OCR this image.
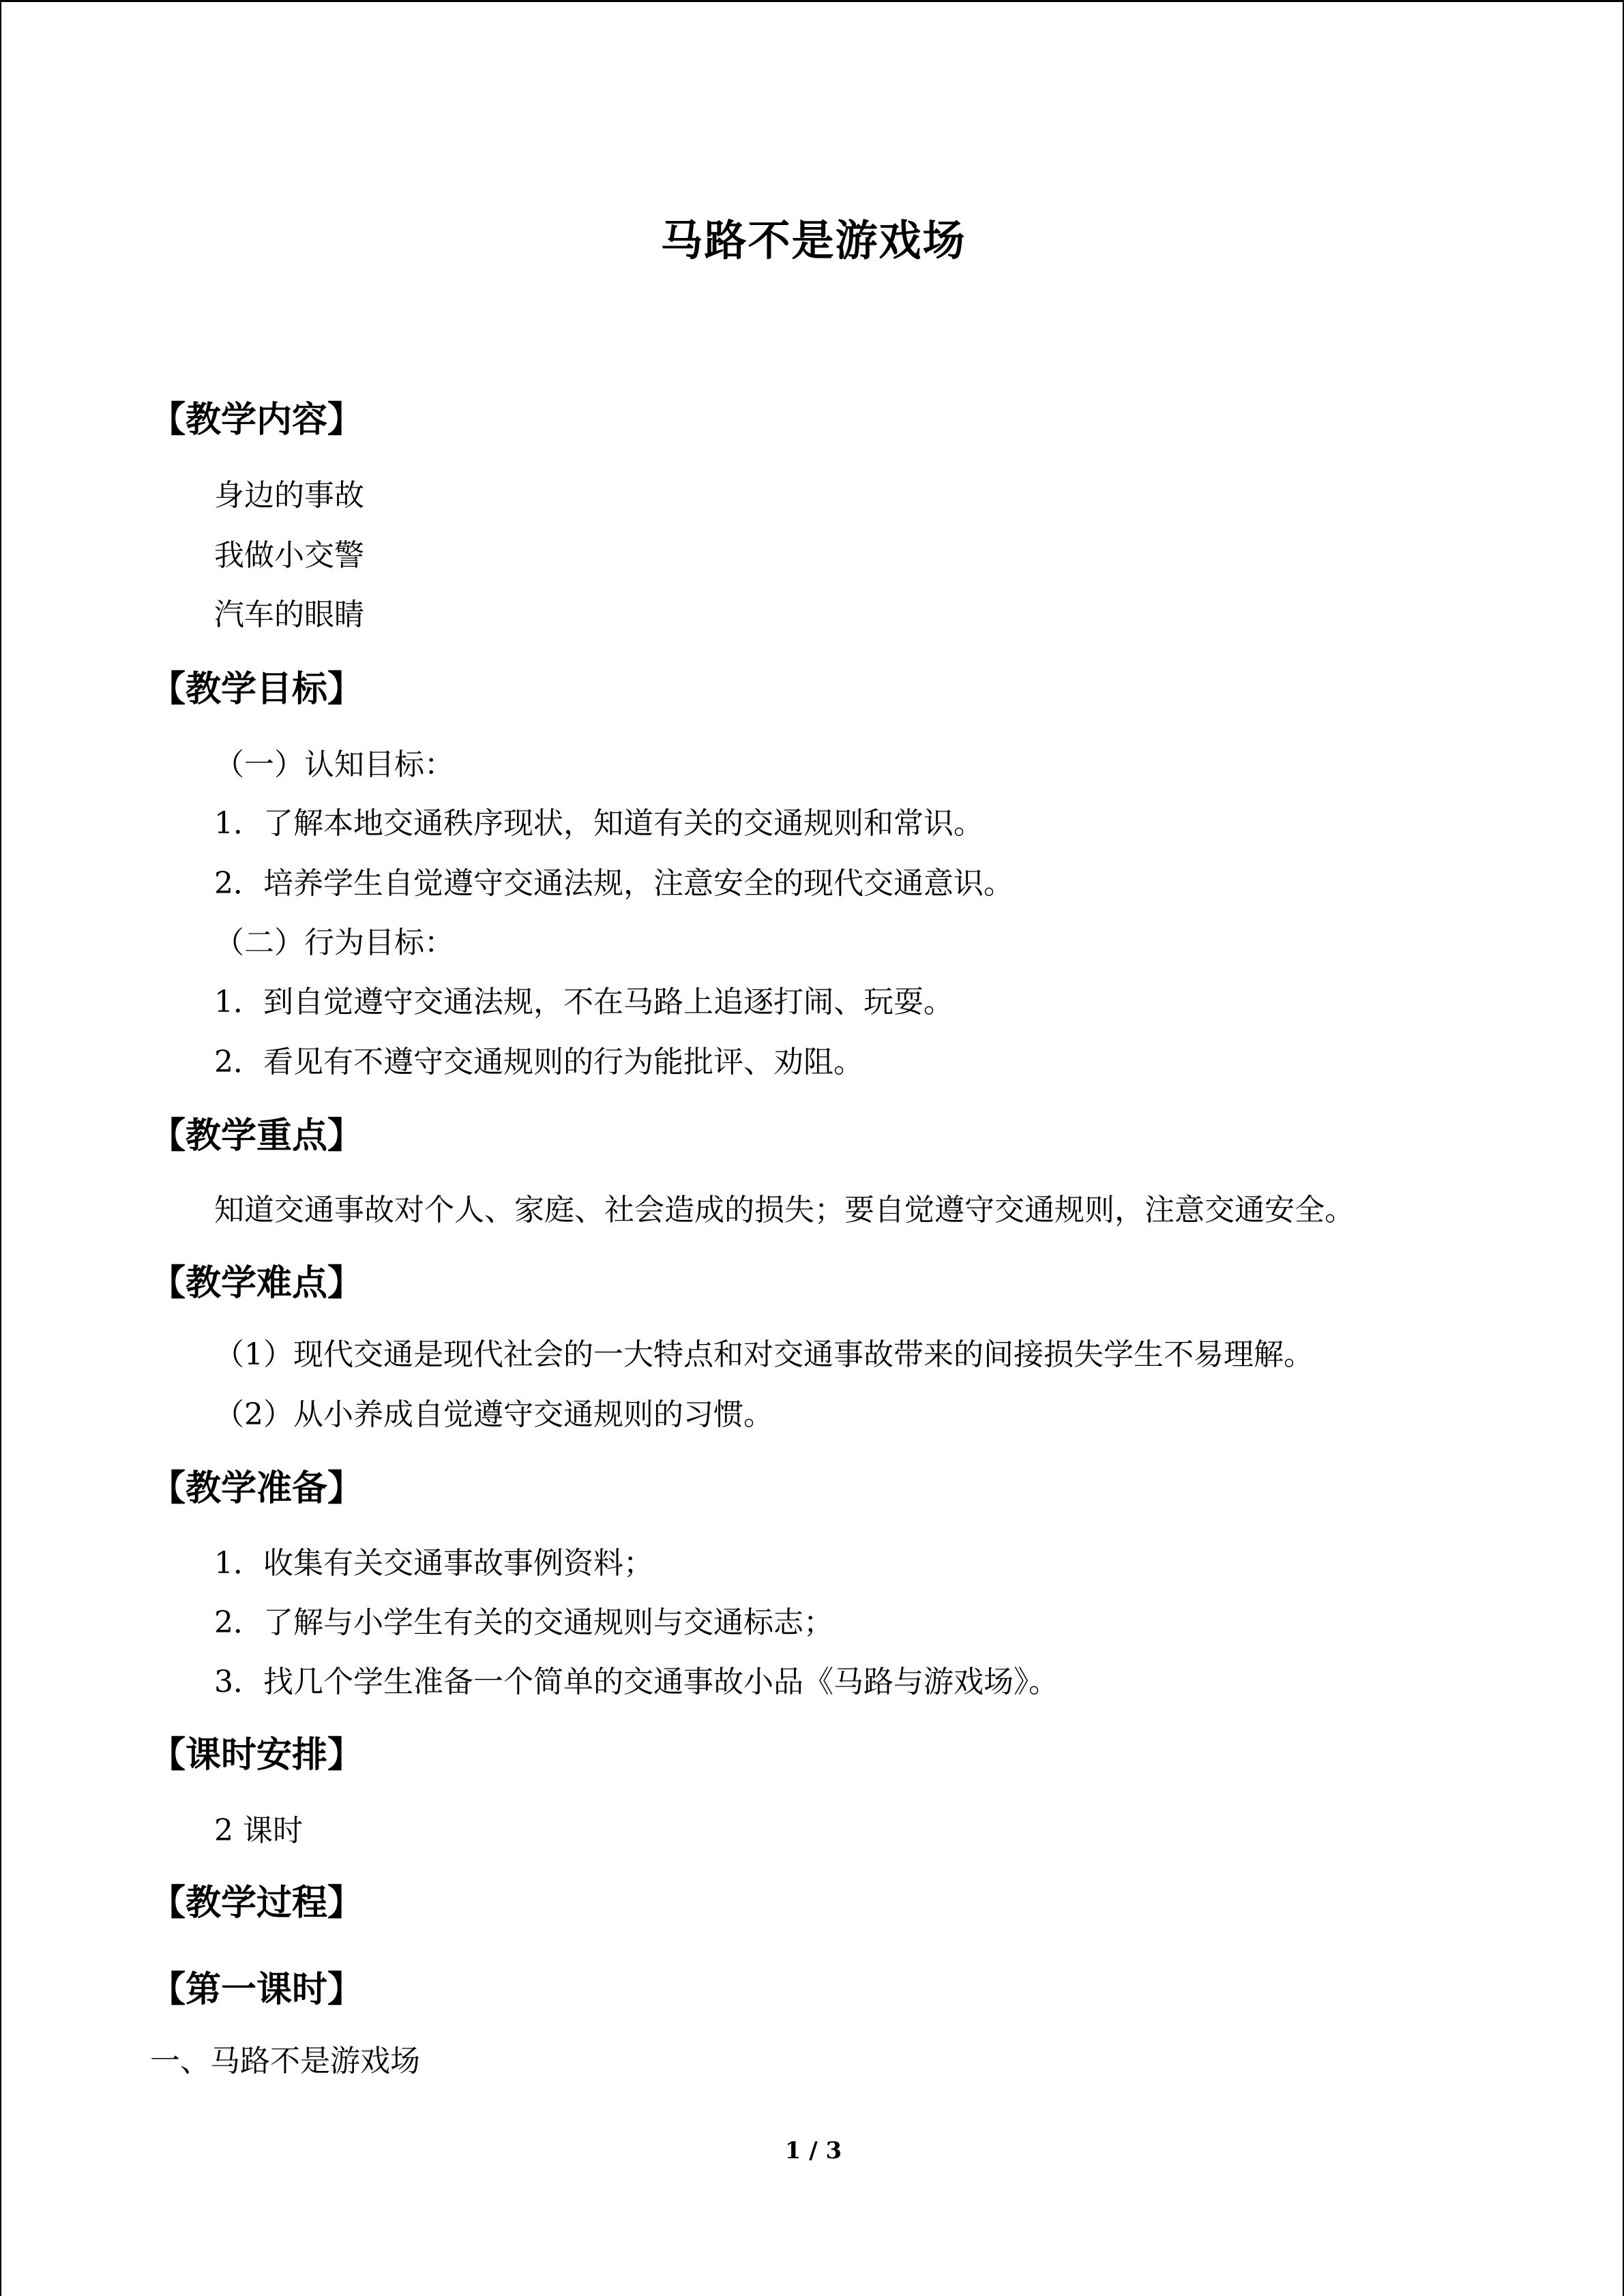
马路不是游戏场
【教学内容】
身边的事故
我做小交警
汽车的眼睛
【教学目标】
（一）认知目标：
1．了解本地交通秩序现状，知道有关的交通规则和常识。
2．培养学生自觉遵守交通法规，注意安全的现代交通意识。
（二）行为目标：
1．到自觉遵守交通法规，不在马路上追逐打闹、玩耍。
2．看见有不遵守交通规则的行为能批评、劝阻。
【教学重点】
知道交通事故对个人、家庭、社会造成的损失；要自觉遵守交通规则，注意交通安全。
【教学难点】
（1）现代交通是现代社会的一大特点和对交通事故带来的间接损失学生不易理解。
（2）从小养成自觉遵守交通规则的习惯。
【教学准备】
1．收集有关交通事故事例资料；
2．了解与小学生有关的交通规则与交通标志；
3．找几个学生准备一个简单的交通事故小品《马路与游戏场》。
【课时安排】
2 课时
【教学过程】
【第一课时】
一、马路不是游戏场
1 / 3
